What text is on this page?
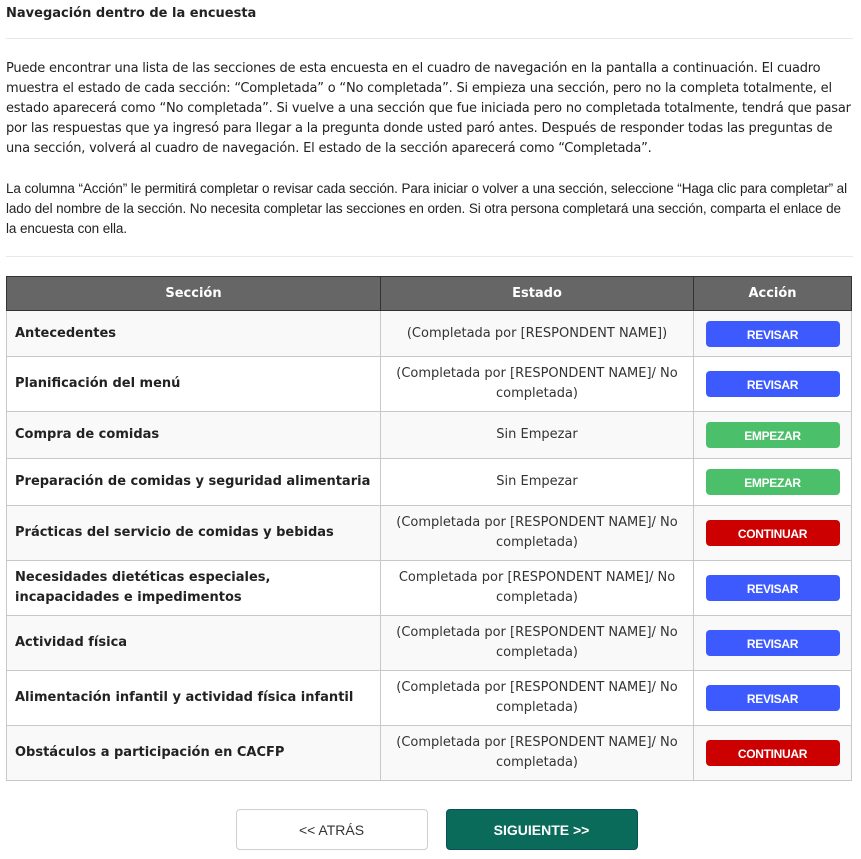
Navegación dentro de la encuesta

Puede encontrar una lista de las secciones de esta encuesta en el cuadro de navegación en la pantalla a continuación. El cuadro muestra el estado de cada sección: “Completada” o “No completada”. Si empieza una sección, pero no la completa totalmente, el estado aparecerá como “No completada”. Si vuelve a una sección que fue iniciada pero no completada totalmente, tendrá que pasar por las respuestas que ya ingresó para llegar a la pregunta donde usted paró antes. Después de responder todas las preguntas de una sección, volverá al cuadro de navegación. El estado de la sección aparecerá como “Completada”.

La columna “Acción” le permitirá completar o revisar cada sección. Para iniciar o volver a una sección, seleccione “Haga clic para completar” al lado del nombre de la sección. No necesita completar las secciones en orden. Si otra persona completará una sección, comparta el enlace de la encuesta con ella.

Sección	Estado	Acción
Antecedentes	(Completada por [RESPONDENT NAME])	REVISAR
Planificación del menú	(Completada por [RESPONDENT NAME]/ No completada)	REVISAR
Compra de comidas	Sin Empezar	EMPEZAR
Preparación de comidas y seguridad alimentaria	Sin Empezar	EMPEZAR
Prácticas del servicio de comidas y bebidas	(Completada por [RESPONDENT NAME]/ No completada)	CONTINUAR
Necesidades dietéticas especiales, incapacidades e impedimentos	Completada por [RESPONDENT NAME]/ No completada)	REVISAR
Actividad física	(Completada por [RESPONDENT NAME]/ No completada)	REVISAR
Alimentación infantil y actividad física infantil	(Completada por [RESPONDENT NAME]/ No completada)	REVISAR
Obstáculos a participación en CACFP	(Completada por [RESPONDENT NAME]/ No completada)	CONTINUAR
<< ATRÁS	SIGUIENTE >>
